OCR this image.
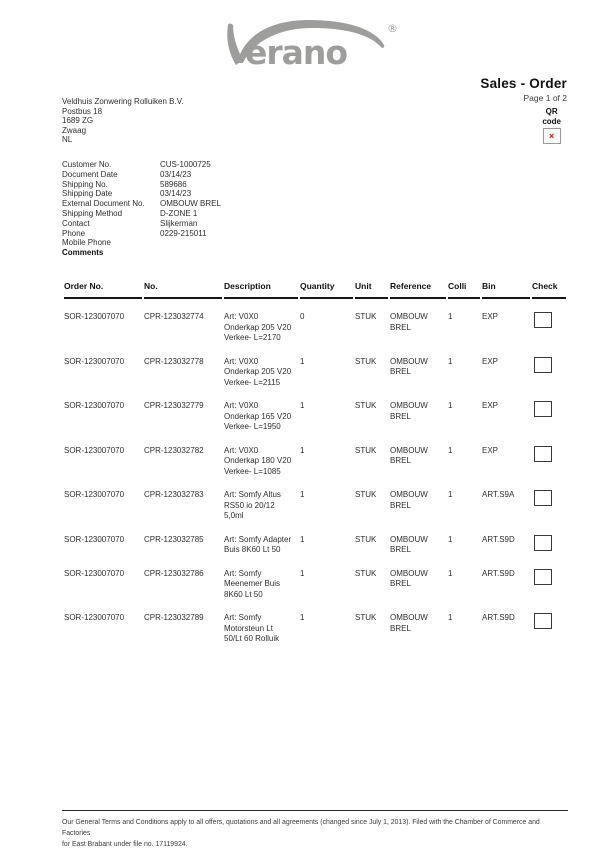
erano
®
Sales - Order
Page 1 of 2
QR
code
×
Veldhuis Zonwering Rolluiken B.V.
Postbus 18
1689 ZG
Zwaag
NL
Customer No.	CUS-1000725
Document Date	03/14/23
Shipping No.	589686
Shipping Date	03/14/23
External Document No.	OMBOUW BREL
Shipping Method	D-ZONE 1
Contact	Slijkerman
Phone	0229-215011
Mobile Phone
Comments
Order No.	No.	Description	Quantity	Unit	Reference	Colli	Bin	Check
SOR-123007070	CPR-123032774	Art: V0X0 Onderkap 205 V20 Verkee- L=2170	0	STUK	OMBOUW BREL	1	EXP	
SOR-123007070	CPR-123032778	Art: V0X0 Onderkap 205 V20 Verkee- L=2115	1	STUK	OMBOUW BREL	1	EXP	
SOR-123007070	CPR-123032779	Art: V0X0 Onderkap 165 V20 Verkee- L=1950	1	STUK	OMBOUW BREL	1	EXP	
SOR-123007070	CPR-123032782	Art: V0X0 Onderkap 180 V20 Verkee- L=1085	1	STUK	OMBOUW BREL	1	EXP	
SOR-123007070	CPR-123032783	Art: Somfy Altus RS50 io 20/12 5,0ml	1	STUK	OMBOUW BREL	1	ART.S9A	
SOR-123007070	CPR-123032785	Art: Somfy Adapter Buis 8K60 Lt 50	1	STUK	OMBOUW BREL	1	ART.S9D	
SOR-123007070	CPR-123032786	Art: Somfy Meenemer Buis 8K60 Lt 50	1	STUK	OMBOUW BREL	1	ART.S9D	
SOR-123007070	CPR-123032789	Art: Somfy Motorsteun Lt 50/Lt 60 Rolluik	1	STUK	OMBOUW BREL	1	ART.S9D	
Our General Terms and Conditions apply to all offers, quotations and all agreements (changed since July 1, 2013). Filed with the Chamber of Commerce and Factories
for East Brabant under file no. 17119924.
